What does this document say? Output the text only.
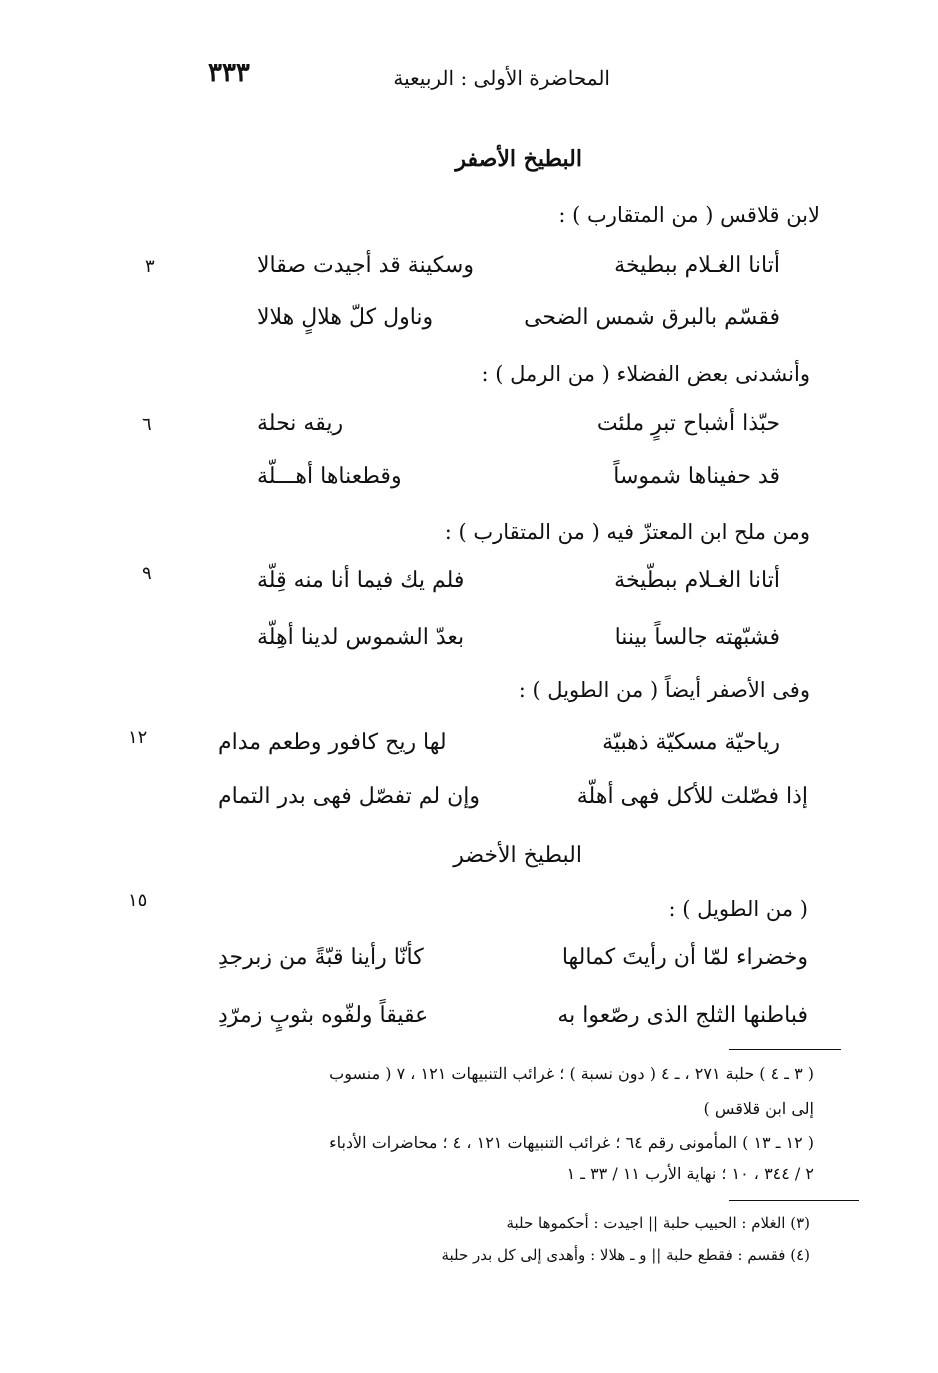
المحاضرة الأولى : الربيعية
٣٣٣
البطيخ الأصفر
لابن قلاقس ( من المتقارب ) :
أتانا الغـلام ببطيخة
وسكينة قد أجيدت صقالا
٣
فقسّم بالبرق شمس الضحى
وناول كلّ هلالٍ هلالا
وأنشدنى بعض الفضلاء ( من الرمل ) :
حبّذا أشباح تبرٍ ملئت
ريقه نحلة
٦
قد حفيناها شموساً
وقطعناها أهـــلّة
ومن ملح ابن المعتزّ فيه ( من المتقارب ) :
أتانا الغـلام ببطّيخة
فلم يك فيما أنا منه قِلّة
٩
فشبّهته جالساً بيننا
بعدّ الشموس لدينا أهِلّة
وفى الأصفر أيضاً ( من الطويل ) :
رياحيّة مسكيّة ذهبيّة
لها ريح كافور وطعم مدام
١٢
إذا فصّلت للأكل فهى أهلّة
وإن لم تفصّل فهى بدر التمام
البطيخ الأخضر
( من الطويل ) :
١٥
وخضراء لمّا أن رأيتَ كمالها
كأنّا رأينا قبّةً من زبرجدِ
فباطنها الثلج الذى رصّعوا به
عقيقاً ولفّوه بثوبٍ زمرّدِ
( ٣ ـ ٤ ) حلبة ٢٧١ ، ـ ٤ ( دون نسبة ) ؛ غرائب التنبيهات ١٢١ ، ٧ ( منسوب
إلى ابن قلاقس )
( ١٢ ـ ١٣ ) المأمونى رقم ٦٤ ؛ غرائب التنبيهات ١٢١ ، ٤ ؛ محاضرات الأدباء
٢ / ٣٤٤ ، ١٠ ؛ نهاية الأرب ١١ / ٣٣ ـ ١
(٣) الغلام : الحبيب حلبة || اجيدت : أحكموها حلبة
(٤) فقسم : فقطع حلبة || و ـ هلالا : وأهدى إلى كل بدر حلبة
